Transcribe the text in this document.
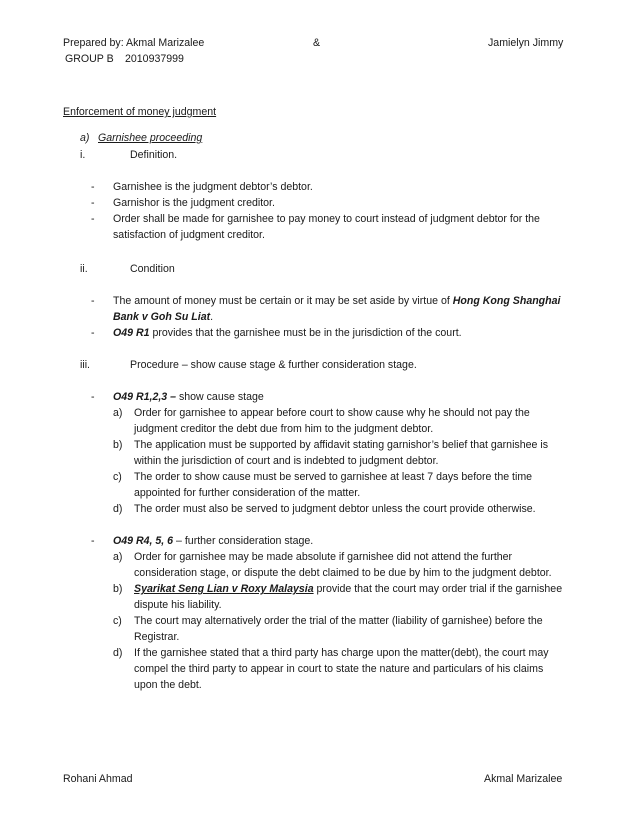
Prepared by: Akmal Marizalee	&	Jamielyn Jimmy
GROUP B 2010937999
Enforcement of money judgment
a) Garnishee proceeding
i.	Definition.
- Garnishee is the judgment debtor’s debtor.
- Garnishor is the judgment creditor.
- Order shall be made for garnishee to pay money to court instead of judgment debtor for the
satisfaction of judgment creditor.
ii.	Condition
- The amount of money must be certain or it may be set aside by virtue of Hong Kong Shanghai
Bank v Goh Su Liat.
- O49 R1 provides that the garnishee must be in the jurisdiction of the court.
iii.	Procedure – show cause stage & further consideration stage.
- O49 R1,2,3 – show cause stage
a) Order for garnishee to appear before court to show cause why he should not pay the
judgment creditor the debt due from him to the judgment debtor.
b) The application must be supported by affidavit stating garnishor’s belief that garnishee is
within the jurisdiction of court and is indebted to judgment debtor.
c) The order to show cause must be served to garnishee at least 7 days before the time
appointed for further consideration of the matter.
d) The order must also be served to judgment debtor unless the court provide otherwise.
- O49 R4, 5, 6 – further consideration stage.
a) Order for garnishee may be made absolute if garnishee did not attend the further
consideration stage, or dispute the debt claimed to be due by him to the judgment debtor.
b) Syarikat Seng Lian v Roxy Malaysia provide that the court may order trial if the garnishee
dispute his liability.
c) The court may alternatively order the trial of the matter (liability of garnishee) before the
Registrar.
d) If the garnishee stated that a third party has charge upon the matter(debt), the court may
compel the third party to appear in court to state the nature and particulars of his claims
upon the debt.
Rohani Ahmad	Akmal Marizalee
